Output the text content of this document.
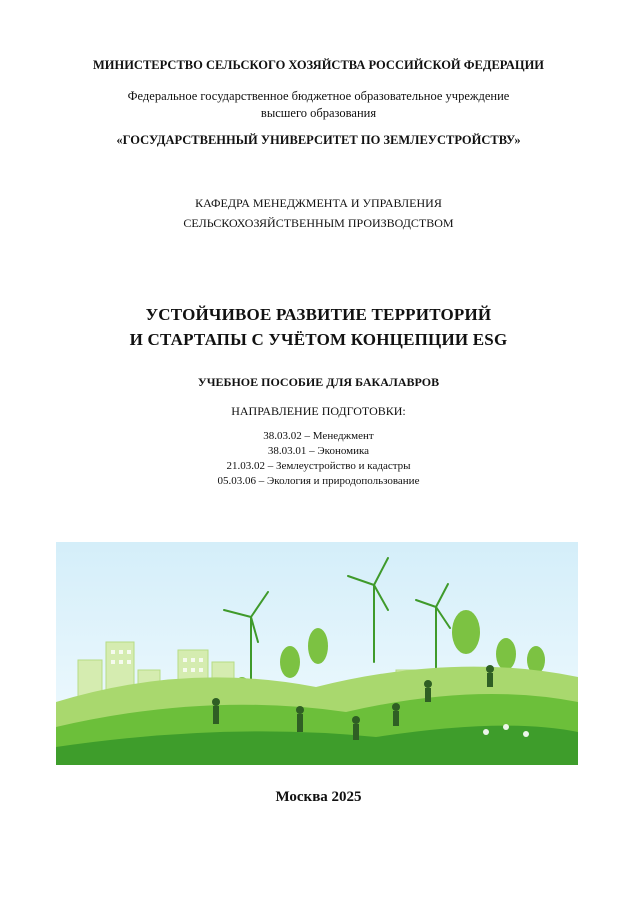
МИНИСТЕРСТВО СЕЛЬСКОГО ХОЗЯЙСТВА РОССИЙСКОЙ ФЕДЕРАЦИИ
Федеральное государственное бюджетное образовательное учреждение
высшего образования
«ГОСУДАРСТВЕННЫЙ УНИВЕРСИТЕТ ПО ЗЕМЛЕУСТРОЙСТВУ»
КАФЕДРА МЕНЕДЖМЕНТА И УПРАВЛЕНИЯ
СЕЛЬСКОХОЗЯЙСТВЕННЫМ ПРОИЗВОДСТВОМ
УСТОЙЧИВОЕ РАЗВИТИЕ ТЕРРИТОРИЙ
И СТАРТАПЫ С УЧЁТОМ КОНЦЕПЦИИ ESG
УЧЕБНОЕ ПОСОБИЕ ДЛЯ БАКАЛАВРОВ
НАПРАВЛЕНИЕ ПОДГОТОВКИ:
38.03.02 – Менеджмент
38.03.01 – Экономика
21.03.02 – Землеустройство и кадастры
05.03.06 – Экология и природопользование
Москва 2025
